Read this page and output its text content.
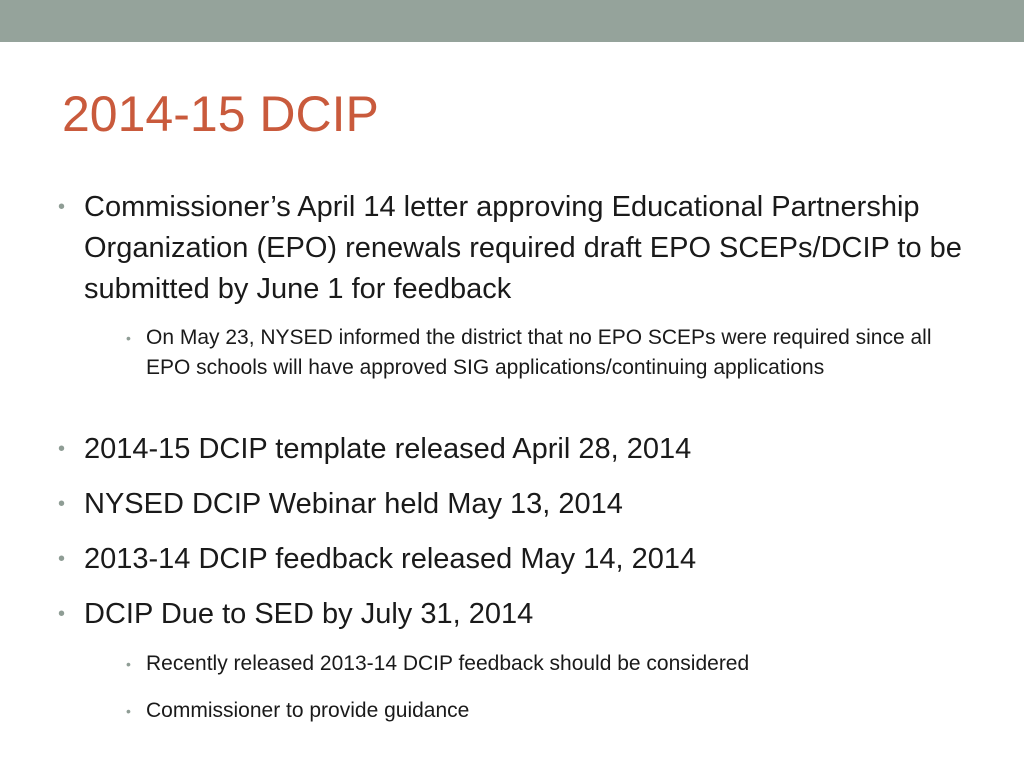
2014-15 DCIP
• Commissioner’s April 14 letter approving Educational Partnership Organization (EPO) renewals required draft EPO SCEPs/DCIP to be submitted by June 1 for feedback
• On May 23, NYSED informed the district that no EPO SCEPs were required since all EPO schools will have approved SIG applications/continuing applications
• 2014-15 DCIP template released April 28, 2014
• NYSED DCIP Webinar held May 13, 2014
• 2013-14 DCIP feedback released May 14, 2014
• DCIP Due to SED by July 31, 2014
• Recently released 2013-14 DCIP feedback should be considered
• Commissioner to provide guidance
